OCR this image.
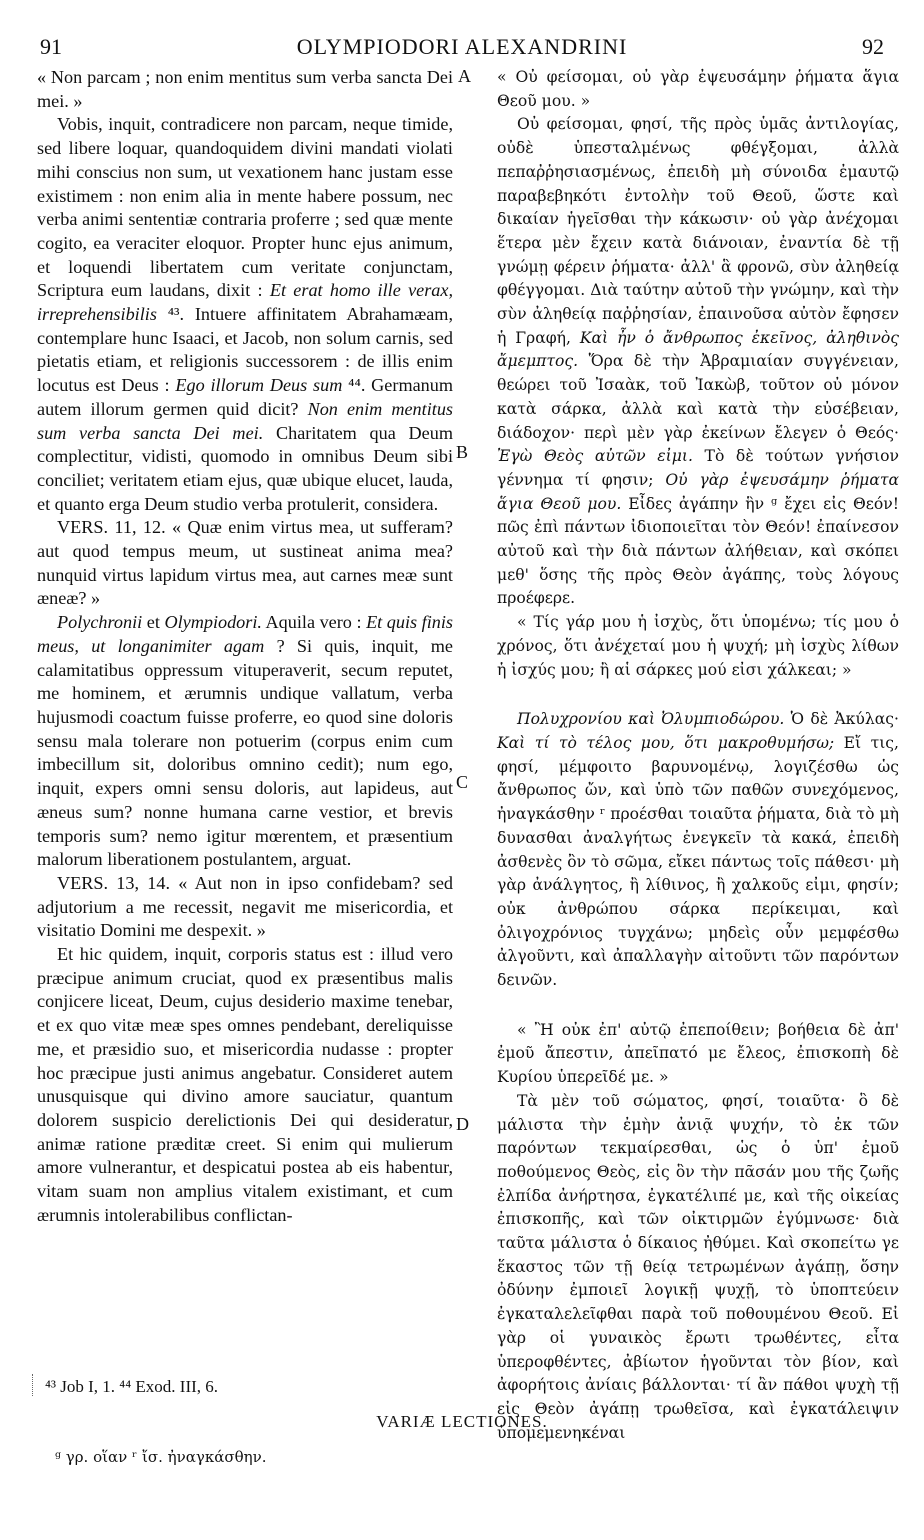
91	OLYMPIODORI ALEXANDRINI	92

« Non parcam ; non enim mentitus sum verba sancta Dei mei. »

Vobis, inquit, contradicere non parcam, neque timide, sed libere loquar, quandoquidem divini mandati violati mihi conscius non sum, ut vexationem hanc justam esse existimem : non enim alia in mente habere possum, nec verba animi sententiæ contraria proferre ; sed quæ mente cogito, ea veraciter eloquor. Propter hunc ejus animum, et loquendi libertatem cum veritate conjunctam, Scriptura eum laudans, dixit : Et erat homo ille verax, irreprehensibilis ⁴³. Intuere affinitatem Abrahamæam, contemplare hunc Isaaci, et Jacob, non solum carnis, sed pietatis etiam, et religionis successorem : de illis enim locutus est Deus : Ego illorum Deus sum ⁴⁴. Germanum autem illorum germen quid dicit? Non enim mentitus sum verba sancta Dei mei. Charitatem qua Deum complectitur, vidisti, quomodo in omnibus Deum sibi conciliet; veritatem etiam ejus, quæ ubique elucet, lauda, et quanto erga Deum studio verba protulerit, considera.

VERS. 11, 12. « Quæ enim virtus mea, ut sufferam? aut quod tempus meum, ut sustineat anima mea? nunquid virtus lapidum virtus mea, aut carnes meæ sunt æneæ? »

Polychronii et Olympiodori. Aquila vero : Et quis finis meus, ut longanimiter agam ? Si quis, inquit, me calamitatibus oppressum vituperaverit, secum reputet, me hominem, et ærumnis undique vallatum, verba hujusmodi coactum fuisse proferre, eo quod sine doloris sensu mala tolerare non potuerim (corpus enim cum imbecillum sit, doloribus omnino cedit); num ego, inquit, expers omni sensu doloris, aut lapideus, aut æneus sum? nonne humana carne vestior, et brevis temporis sum? nemo igitur mœrentem, et præsentium malorum liberationem postulantem, arguat.

VERS. 13, 14. « Aut non in ipso confidebam? sed adjutorium a me recessit, negavit me misericordia, et visitatio Domini me despexit. »

Et hic quidem, inquit, corporis status est : illud vero præcipue animum cruciat, quod ex præsentibus malis conjicere liceat, Deum, cujus desiderio maxime tenebar, et ex quo vitæ meæ spes omnes pendebant, dereliquisse me, et præsidio suo, et misericordia nudasse : propter hoc præcipue justi animus angebatur. Consideret autem unusquisque qui divino amore sauciatur, quantum dolorem suspicio derelictionis Dei qui desideratur, animæ ratione præditæ creet. Si enim qui mulierum amore vulnerantur, et despicatui postea ab eis habentur, vitam suam non amplius vitalem existimant, et cum ærumnis intolerabilibus conflictan-

A
B
C
D

« Οὐ φείσομαι, οὐ γὰρ ἐψευσάμην ῥήματα ἅγια Θεοῦ μου. »

Οὐ φείσομαι, φησί, τῆς πρὸς ὑμᾶς ἀντιλογίας, οὐδὲ ὑπεσταλμένως φθέγξομαι, ἀλλὰ πεπαῤῥησιασμένως, ἐπειδὴ μὴ σύνοιδα ἐμαυτῷ παραβεβηκότι ἐντολὴν τοῦ Θεοῦ, ὥστε καὶ δικαίαν ἡγεῖσθαι τὴν κάκωσιν· οὐ γὰρ ἀνέχομαι ἕτερα μὲν ἔχειν κατὰ διάνοιαν, ἐναντία δὲ τῇ γνώμῃ φέρειν ῥήματα· ἀλλ' ἃ φρονῶ, σὺν ἀληθείᾳ φθέγγομαι. Διὰ ταύτην αὐτοῦ τὴν γνώμην, καὶ τὴν σὺν ἀληθείᾳ παῤῥησίαν, ἐπαινοῦσα αὐτὸν ἔφησεν ἡ Γραφή, Καὶ ἦν ὁ ἄνθρωπος ἐκεῖνος, ἀληθινὸς ἄμεμπτος. Ὅρα δὲ τὴν Ἀβραμιαίαν συγγένειαν, θεώρει τοῦ Ἰσαὰκ, τοῦ Ἰακὼβ, τοῦτον οὐ μόνον κατὰ σάρκα, ἀλλὰ καὶ κατὰ τὴν εὐσέβειαν, διάδοχον· περὶ μὲν γὰρ ἐκείνων ἔλεγεν ὁ Θεός· Ἐγὼ Θεὸς αὐτῶν εἰμι. Τὸ δὲ τούτων γνήσιον γέννημα τί φησιν; Οὐ γὰρ ἐψευσάμην ῥήματα ἅγια Θεοῦ μου. Εἶδες ἀγάπην ἣν ᵍ ἔχει εἰς Θεόν! πῶς ἐπὶ πάντων ἰδιοποιεῖται τὸν Θεόν! ἐπαίνεσον αὐτοῦ καὶ τὴν διὰ πάντων ἀλήθειαν, καὶ σκόπει μεθ' ὅσης τῆς πρὸς Θεὸν ἀγάπης, τοὺς λόγους προέφερε.

« Τίς γάρ μου ἡ ἰσχὺς, ὅτι ὑπομένω; τίς μου ὁ χρόνος, ὅτι ἀνέχεταί μου ἡ ψυχή; μὴ ἰσχὺς λίθων ἡ ἰσχύς μου; ἢ αἱ σάρκες μού εἰσι χάλκεαι; »

Πολυχρονίου καὶ Ὀλυμπιοδώρου. Ὁ δὲ Ἀκύλας· Καὶ τί τὸ τέλος μου, ὅτι μακροθυμήσω; Εἴ τις, φησί, μέμφοιτο βαρυνομένῳ, λογιζέσθω ὡς ἄνθρωπος ὤν, καὶ ὑπὸ τῶν παθῶν συνεχόμενος, ἠναγκάσθην ʳ προέσθαι τοιαῦτα ῥήματα, διὰ τὸ μὴ δυνασθαι ἀναλγήτως ἐνεγκεῖν τὰ κακά, ἐπειδὴ ἀσθενὲς ὂν τὸ σῶμα, εἴκει πάντως τοῖς πάθεσι· μὴ γὰρ ἀνάλγητος, ἢ λίθινος, ἢ χαλκοῦς εἰμι, φησίν; οὐκ ἀνθρώπου σάρκα περίκειμαι, καὶ ὀλιγοχρόνιος τυγχάνω; μηδεὶς οὖν μεμφέσθω ἀλγοῦντι, καὶ ἀπαλλαγὴν αἰτοῦντι τῶν παρόντων δεινῶν.

« Ἢ οὐκ ἐπ' αὐτῷ ἐπεποίθειν; βοήθεια δὲ ἀπ' ἐμοῦ ἄπεστιν, ἀπεῖπατό με ἔλεος, ἐπισκοπὴ δὲ Κυρίου ὑπερεῖδέ με. »

Τὰ μὲν τοῦ σώματος, φησί, τοιαῦτα· ὃ δὲ μάλιστα τὴν ἐμὴν ἀνιᾷ ψυχήν, τὸ ἐκ τῶν παρόντων τεκμαίρεσθαι, ὡς ὁ ὑπ' ἐμοῦ ποθούμενος Θεὸς, εἰς ὃν τὴν πᾶσάν μου τῆς ζωῆς ἐλπίδα ἀνήρτησα, ἐγκατέλιπέ με, καὶ τῆς οἰκείας ἐπισκοπῆς, καὶ τῶν οἰκτιρμῶν ἐγύμνωσε· διὰ ταῦτα μάλιστα ὁ δίκαιος ἠθύμει. Καὶ σκοπείτω γε ἕκαστος τῶν τῇ θείᾳ τετρωμένων ἀγάπῃ, ὅσην ὀδύνην ἐμποιεῖ λογικῇ ψυχῇ, τὸ ὑποπτεύειν ἐγκαταλελεῖφθαι παρὰ τοῦ ποθουμένου Θεοῦ. Εἰ γὰρ οἱ γυναικὸς ἔρωτι τρωθέντες, εἶτα ὑπεροφθέντες, ἀβίωτον ἡγοῦνται τὸν βίον, καὶ ἀφορήτοις ἀνίαις βάλλονται· τί ἂν πάθοι ψυχὴ τῇ εἰς Θεὸν ἀγάπῃ τρωθεῖσα, καὶ ἐγκατάλειψιν ὑπομεμενηκέναι

⁴³ Job I, 1. ⁴⁴ Exod. III, 6.
VARIÆ LECTIONES.
ᵍ γρ. οἵαν ʳ ἴσ. ἠναγκάσθην.
